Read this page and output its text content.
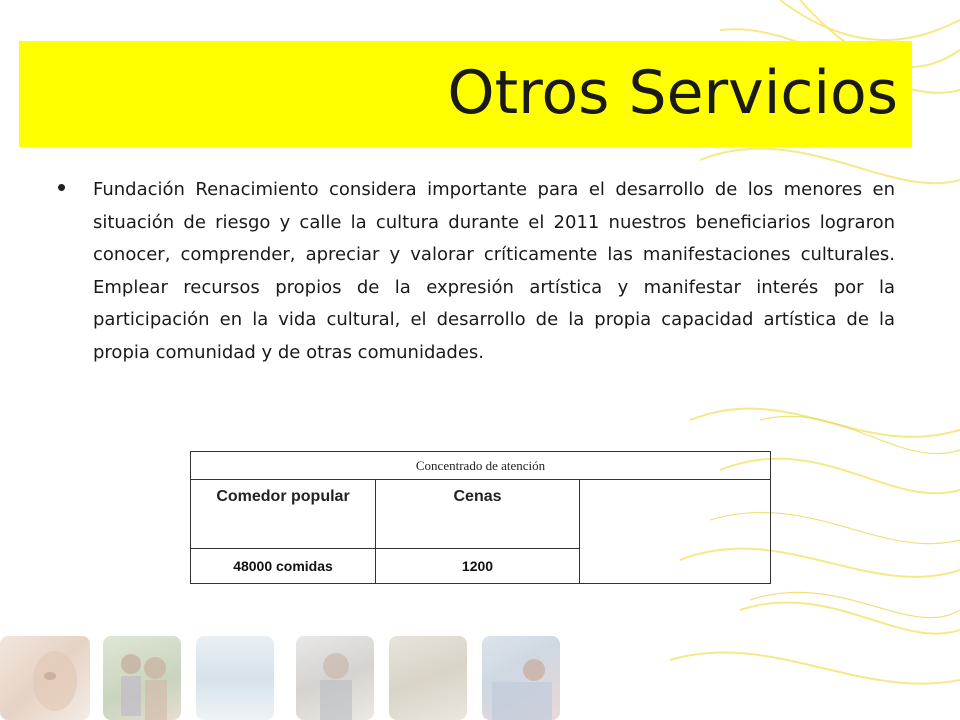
Otros Servicios
• Fundación Renacimiento considera importante para el desarrollo de los menores en situación de riesgo y calle la cultura durante el 2011 nuestros beneficiarios lograron conocer, comprender, apreciar y valorar críticamente las manifestaciones culturales. Emplear recursos propios de la expresión artística y manifestar interés por la participación en la vida cultural, el desarrollo de la propia capacidad artística de la propia comunidad y de otras comunidades.

Concentrado de atención		
Comedor popular	Cenas	
48000 comidas	1200	
